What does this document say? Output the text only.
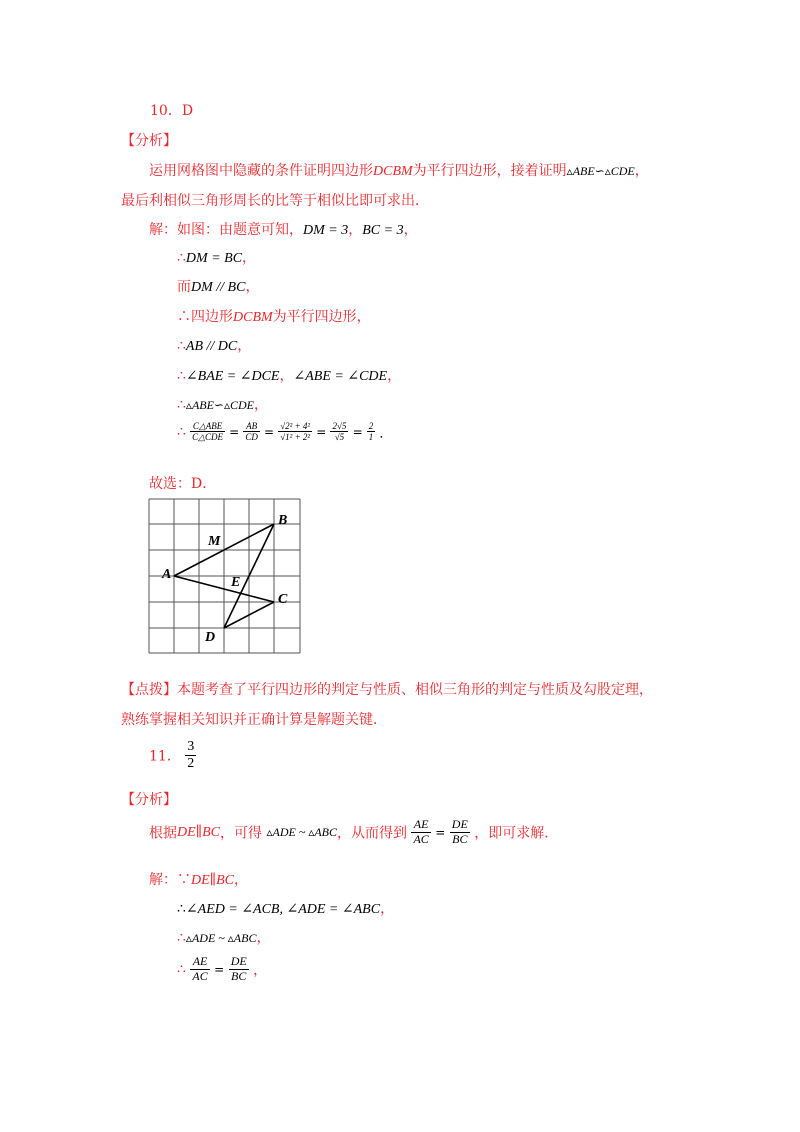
10．D
【分析】
运用网格图中隐藏的条件证明四边形DCBM为平行四边形，接着证明▵ABE∽▵CDE，
最后利相似三角形周长的比等于相似比即可求出．
解：如图：由题意可知，DM = 3，BC = 3，
∴DM = BC，
而DM // BC，
∴四边形DCBM为平行四边形，
∴AB // DC，
∴∠BAE = ∠DCE，∠ABE = ∠CDE，
∴▵ABE∽▵CDE，
∴ $\frac{\text{C△ABE}}{\text{C△CDE}} = \frac{AB}{CD} = \frac{\text{√2² + 4²}}{\text{√1² + 2²}} = \frac{2√5}{√5} = \frac{2}{1}$ ．
故选：D．
B
M
A
E
C
D
【点拨】本题考查了平行四边形的判定与性质、相似三角形的判定与性质及勾股定理，
熟练掌握相关知识并正确计算是解题关键．
11． $\frac{3}{2}$
【分析】
根据DE∥BC，可得 ▵ADE ~ ▵ABC，从而得到 $\frac{AE}{AC} = \frac{DE}{BC}$ ，即可求解．
解：∵DE∥BC，
∴∠AED = ∠ACB, ∠ADE = ∠ABC，
∴▵ADE ~ ▵ABC，
∴ $\frac{AE}{AC} = \frac{DE}{BC}$ ，
